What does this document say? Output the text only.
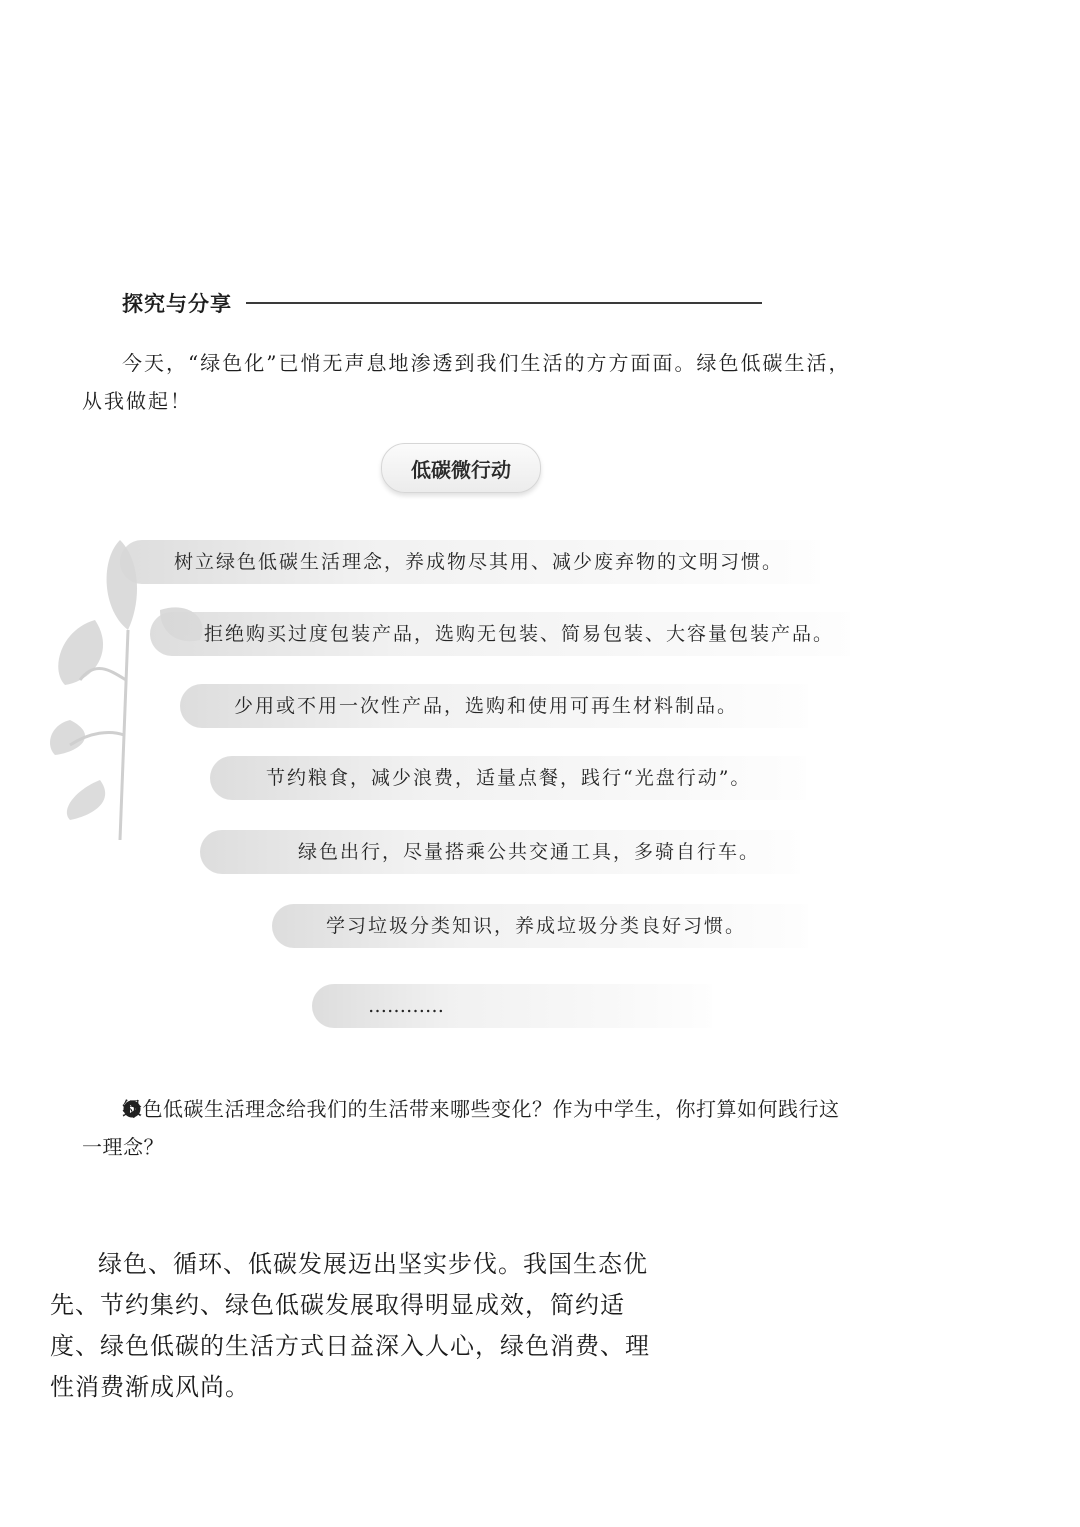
探究与分享
今天，“绿色化”已悄无声息地渗透到我们生活的方方面面。绿色低碳生活，从我做起！
低碳微行动
树立绿色低碳生活理念，养成物尽其用、减少废弃物的文明习惯。
拒绝购买过度包装产品，选购无包装、简易包装、大容量包装产品。
少用或不用一次性产品，选购和使用可再生材料制品。
节约粮食，减少浪费，适量点餐，践行“光盘行动”。
绿色出行，尽量搭乘公共交通工具，多骑自行车。
学习垃圾分类知识，养成垃圾分类良好习惯。
…………
绿色低碳生活理念给我们的生活带来哪些变化？作为中学生，你打算如何践行这一理念？
绿色、循环、低碳发展迈出坚实步伐。我国生态优先、节约集约、绿色低碳发展取得明显成效，简约适度、绿色低碳的生活方式日益深入人心，绿色消费、理性消费渐成风尚。
